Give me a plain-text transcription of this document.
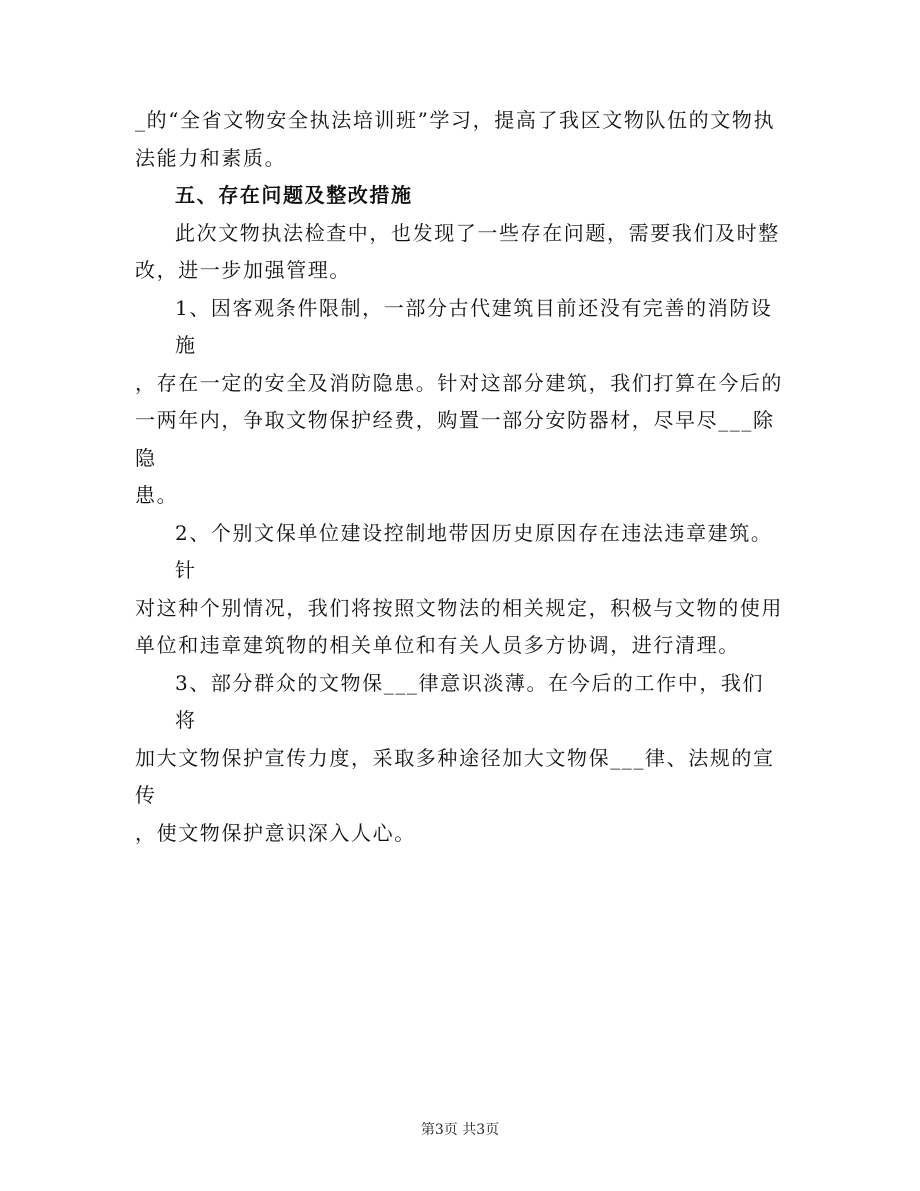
_的“全省文物安全执法培训班”学习，提高了我区文物队伍的文物执
法能力和素质。
五、存在问题及整改措施
此次文物执法检查中，也发现了一些存在问题，需要我们及时整
改，进一步加强管理。
1、因客观条件限制，一部分古代建筑目前还没有完善的消防设施
，存在一定的安全及消防隐患。针对这部分建筑，我们打算在今后的
一两年内，争取文物保护经费，购置一部分安防器材，尽早尽___除隐
患。
2、个别文保单位建设控制地带因历史原因存在违法违章建筑。针
对这种个别情况，我们将按照文物法的相关规定，积极与文物的使用
单位和违章建筑物的相关单位和有关人员多方协调，进行清理。
3、部分群众的文物保___律意识淡薄。在今后的工作中，我们将
加大文物保护宣传力度，采取多种途径加大文物保___律、法规的宣传
，使文物保护意识深入人心。
第3页 共3页
